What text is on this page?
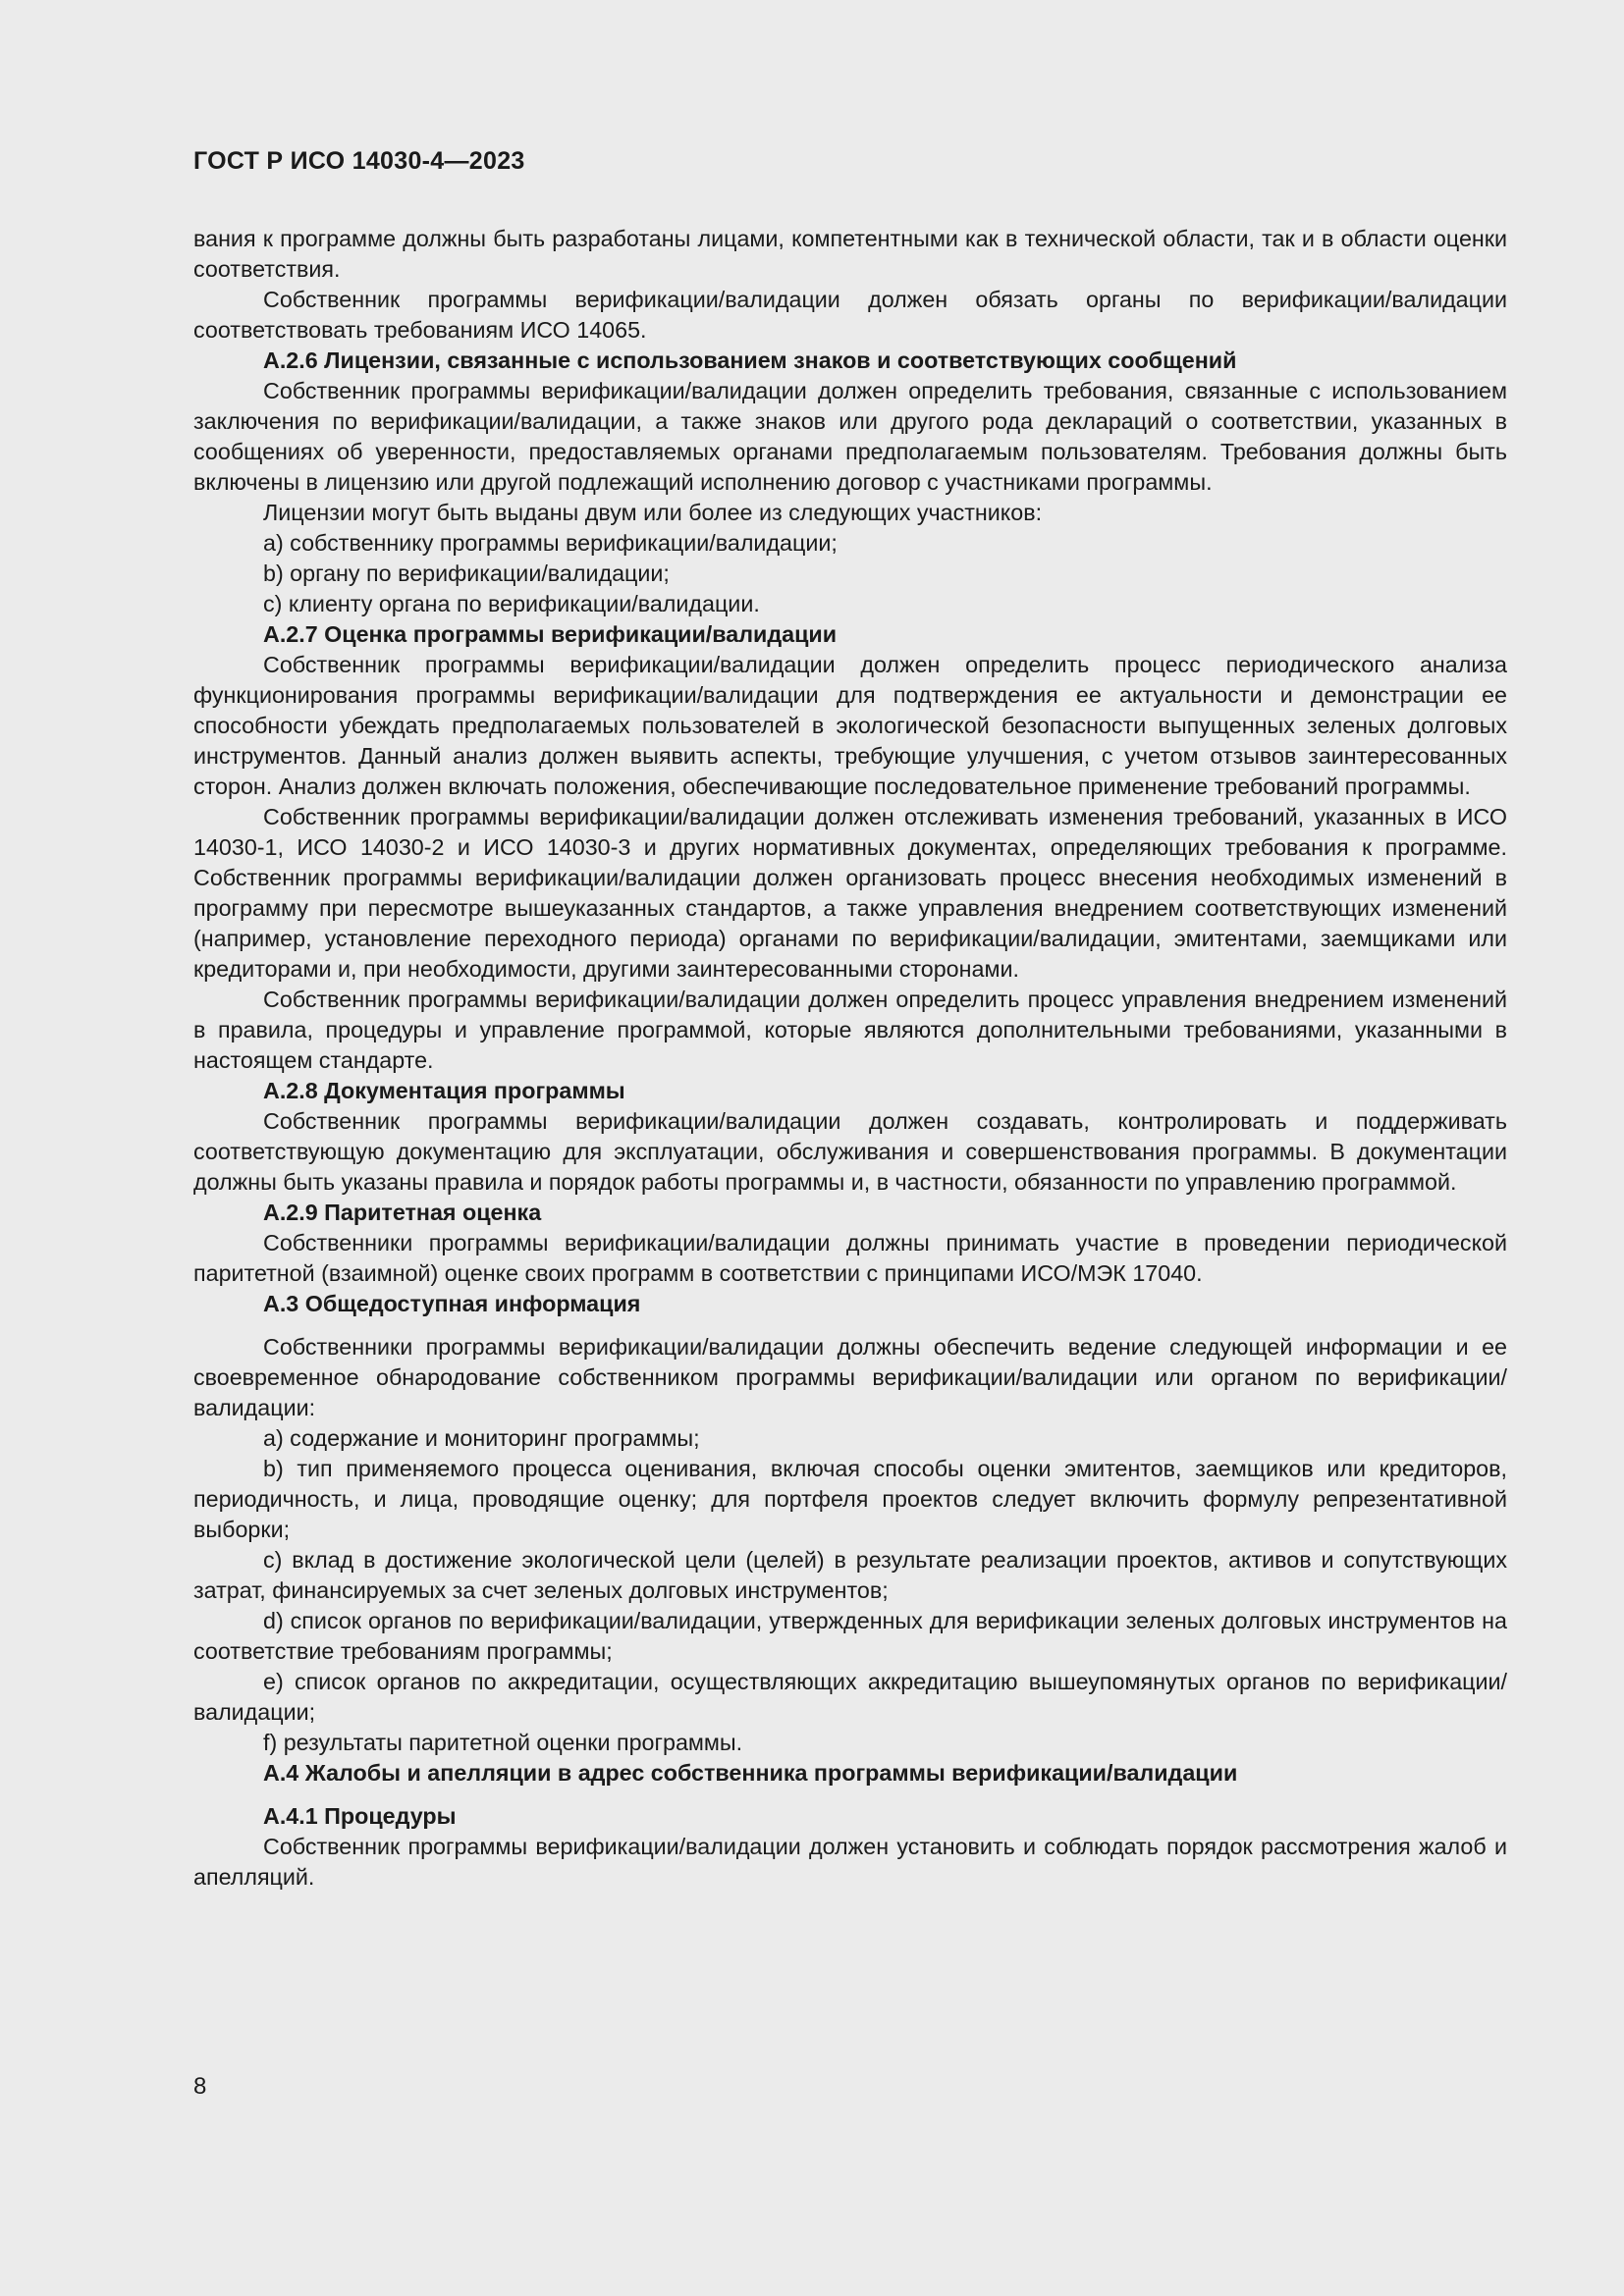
ГОСТ Р ИСО 14030-4—2023

вания к программе должны быть разработаны лицами, компетентными как в технической области, так и в области оценки соответствия.

Собственник программы верификации/валидации должен обязать органы по верификации/валидации соответствовать требованиям ИСО 14065.

А.2.6 Лицензии, связанные с использованием знаков и соответствующих сообщений

Собственник программы верификации/валидации должен определить требования, связанные с использованием заключения по верификации/валидации, а также знаков или другого рода деклараций о соответствии, указанных в сообщениях об уверенности, предоставляемых органами предполагаемым пользователям. Требования должны быть включены в лицензию или другой подлежащий исполнению договор с участниками программы.

Лицензии могут быть выданы двум или более из следующих участников:

а) собственнику программы верификации/валидации;

b) органу по верификации/валидации;

с) клиенту органа по верификации/валидации.

А.2.7 Оценка программы верификации/валидации

Собственник программы верификации/валидации должен определить процесс периодического анализа функционирования программы верификации/валидации для подтверждения ее актуальности и демонстрации ее способности убеждать предполагаемых пользователей в экологической безопасности выпущенных зеленых долговых инструментов. Данный анализ должен выявить аспекты, требующие улучшения, с учетом отзывов заинтересованных сторон. Анализ должен включать положения, обеспечивающие последовательное применение требований программы.

Собственник программы верификации/валидации должен отслеживать изменения требований, указанных в ИСО 14030-1, ИСО 14030-2 и ИСО 14030-3 и других нормативных документах, определяющих требования к программе. Собственник программы верификации/валидации должен организовать процесс внесения необходимых изменений в программу при пересмотре вышеуказанных стандартов, а также управления внедрением соответствующих изменений (например, установление переходного периода) органами по верификации/валидации, эмитентами, заемщиками или кредиторами и, при необходимости, другими заинтересованными сторонами.

Собственник программы верификации/валидации должен определить процесс управления внедрением изменений в правила, процедуры и управление программой, которые являются дополнительными требованиями, указанными в настоящем стандарте.

А.2.8 Документация программы

Собственник программы верификации/валидации должен создавать, контролировать и поддерживать соответствующую документацию для эксплуатации, обслуживания и совершенствования программы. В документации должны быть указаны правила и порядок работы программы и, в частности, обязанности по управлению программой.

А.2.9 Паритетная оценка

Собственники программы верификации/валидации должны принимать участие в проведении периодической паритетной (взаимной) оценке своих программ в соответствии с принципами ИСО/МЭК 17040.

А.3 Общедоступная информация

Собственники программы верификации/валидации должны обеспечить ведение следующей информации и ее своевременное обнародование собственником программы верификации/валидации или органом по верификации/валидации:

а) содержание и мониторинг программы;

b) тип применяемого процесса оценивания, включая способы оценки эмитентов, заемщиков или кредиторов, периодичность, и лица, проводящие оценку; для портфеля проектов следует включить формулу репрезентативной выборки;

с) вклад в достижение экологической цели (целей) в результате реализации проектов, активов и сопутствующих затрат, финансируемых за счет зеленых долговых инструментов;

d) список органов по верификации/валидации, утвержденных для верификации зеленых долговых инструментов на соответствие требованиям программы;

е) список органов по аккредитации, осуществляющих аккредитацию вышеупомянутых органов по верификации/валидации;

f) результаты паритетной оценки программы.

А.4 Жалобы и апелляции в адрес собственника программы верификации/валидации

А.4.1 Процедуры

Собственник программы верификации/валидации должен установить и соблюдать порядок рассмотрения жалоб и апелляций.

8
